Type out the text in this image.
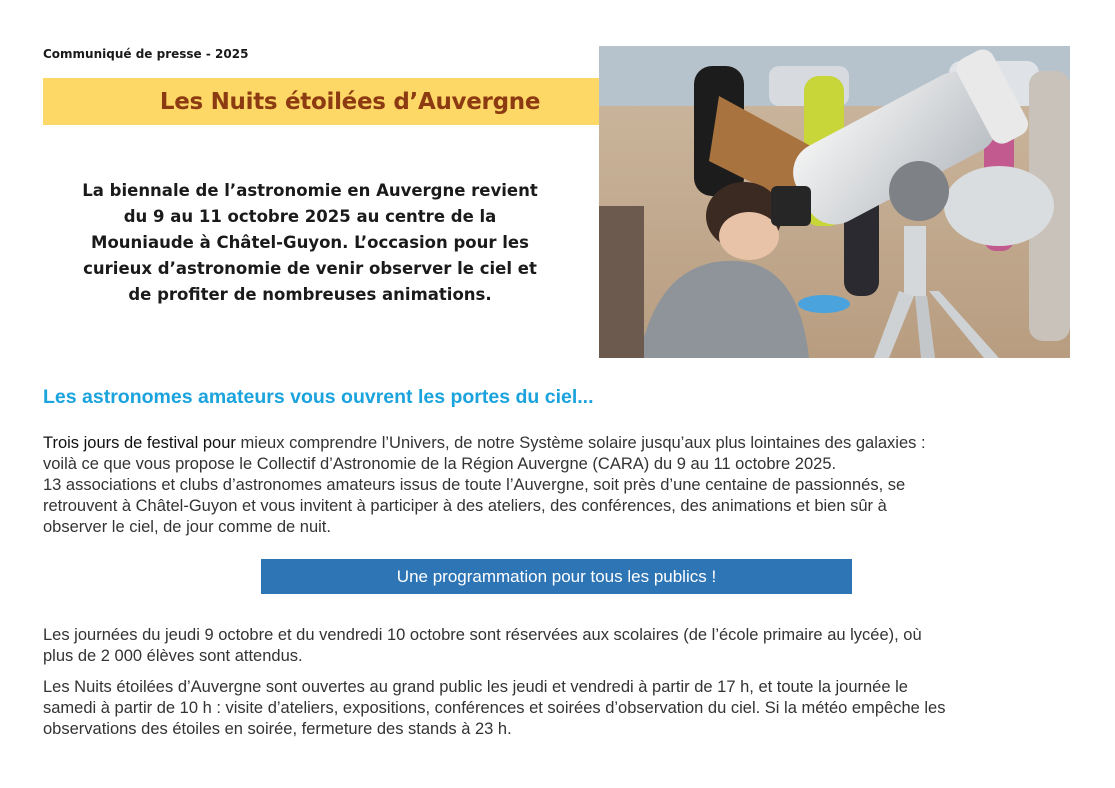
Communiqué de presse - 2025
Les Nuits étoilées d’Auvergne
La biennale de l’astronomie en Auvergne revient
du 9 au 11 octobre 2025 au centre de la
Mouniaude à Châtel-Guyon. L’occasion pour les
curieux d’astronomie de venir observer le ciel et
de profiter de nombreuses animations.
Les astronomes amateurs vous ouvrent les portes du ciel...
Trois jours de festival pour mieux comprendre l’Univers, de notre Système solaire jusqu’aux plus lointaines des galaxies :
voilà ce que vous propose le Collectif d’Astronomie de la Région Auvergne (CARA) du 9 au 11 octobre 2025.
13 associations et clubs d’astronomes amateurs issus de toute l’Auvergne, soit près d’une centaine de passionnés, se
retrouvent à Châtel-Guyon et vous invitent à participer à des ateliers, des conférences, des animations et bien sûr à
observer le ciel, de jour comme de nuit.
Une programmation pour tous les publics !
Les journées du jeudi 9 octobre et du vendredi 10 octobre sont réservées aux scolaires (de l’école primaire au lycée), où
plus de 2 000 élèves sont attendus.
Les Nuits étoilées d’Auvergne sont ouvertes au grand public les jeudi et vendredi à partir de 17 h, et toute la journée le
samedi à partir de 10 h : visite d’ateliers, expositions, conférences et soirées d’observation du ciel. Si la météo empêche les
observations des étoiles en soirée, fermeture des stands à 23 h.
